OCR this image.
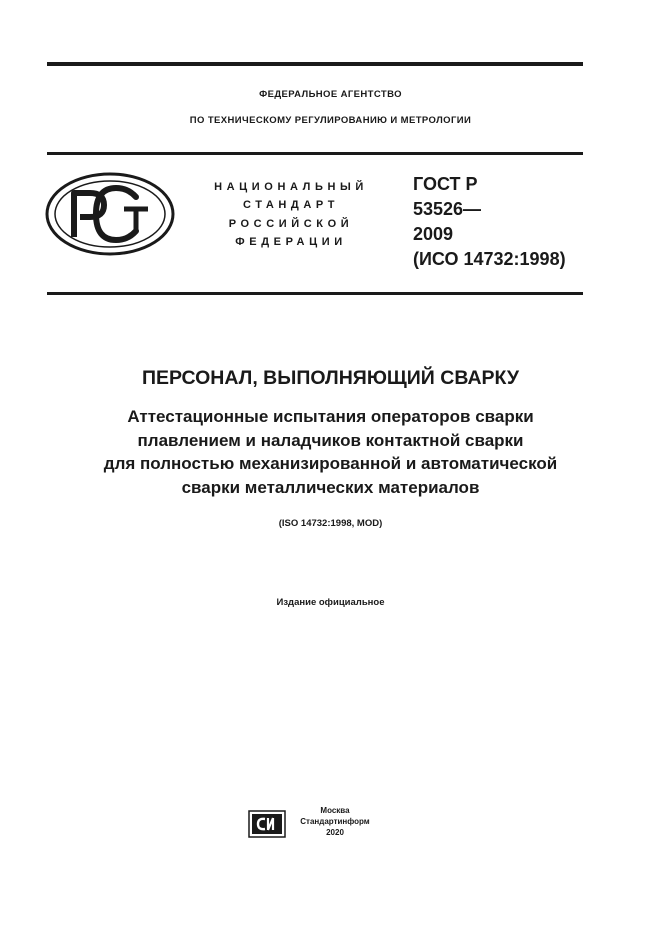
ФЕДЕРАЛЬНОЕ АГЕНТСТВО
ПО ТЕХНИЧЕСКОМУ РЕГУЛИРОВАНИЮ И МЕТРОЛОГИИ
НАЦИОНАЛЬНЫЙ
СТАНДАРТ
РОССИЙСКОЙ
ФЕДЕРАЦИИ
ГОСТ Р
53526—
2009
(ИСО 14732:1998)
ПЕРСОНАЛ, ВЫПОЛНЯЮЩИЙ СВАРКУ
Аттестационные испытания операторов сварки
плавлением и наладчиков контактной сварки
для полностью механизированной и автоматической
сварки металлических материалов
(ISO 14732:1998, MOD)
Издание официальное
Москва
Стандартинформ
2020
